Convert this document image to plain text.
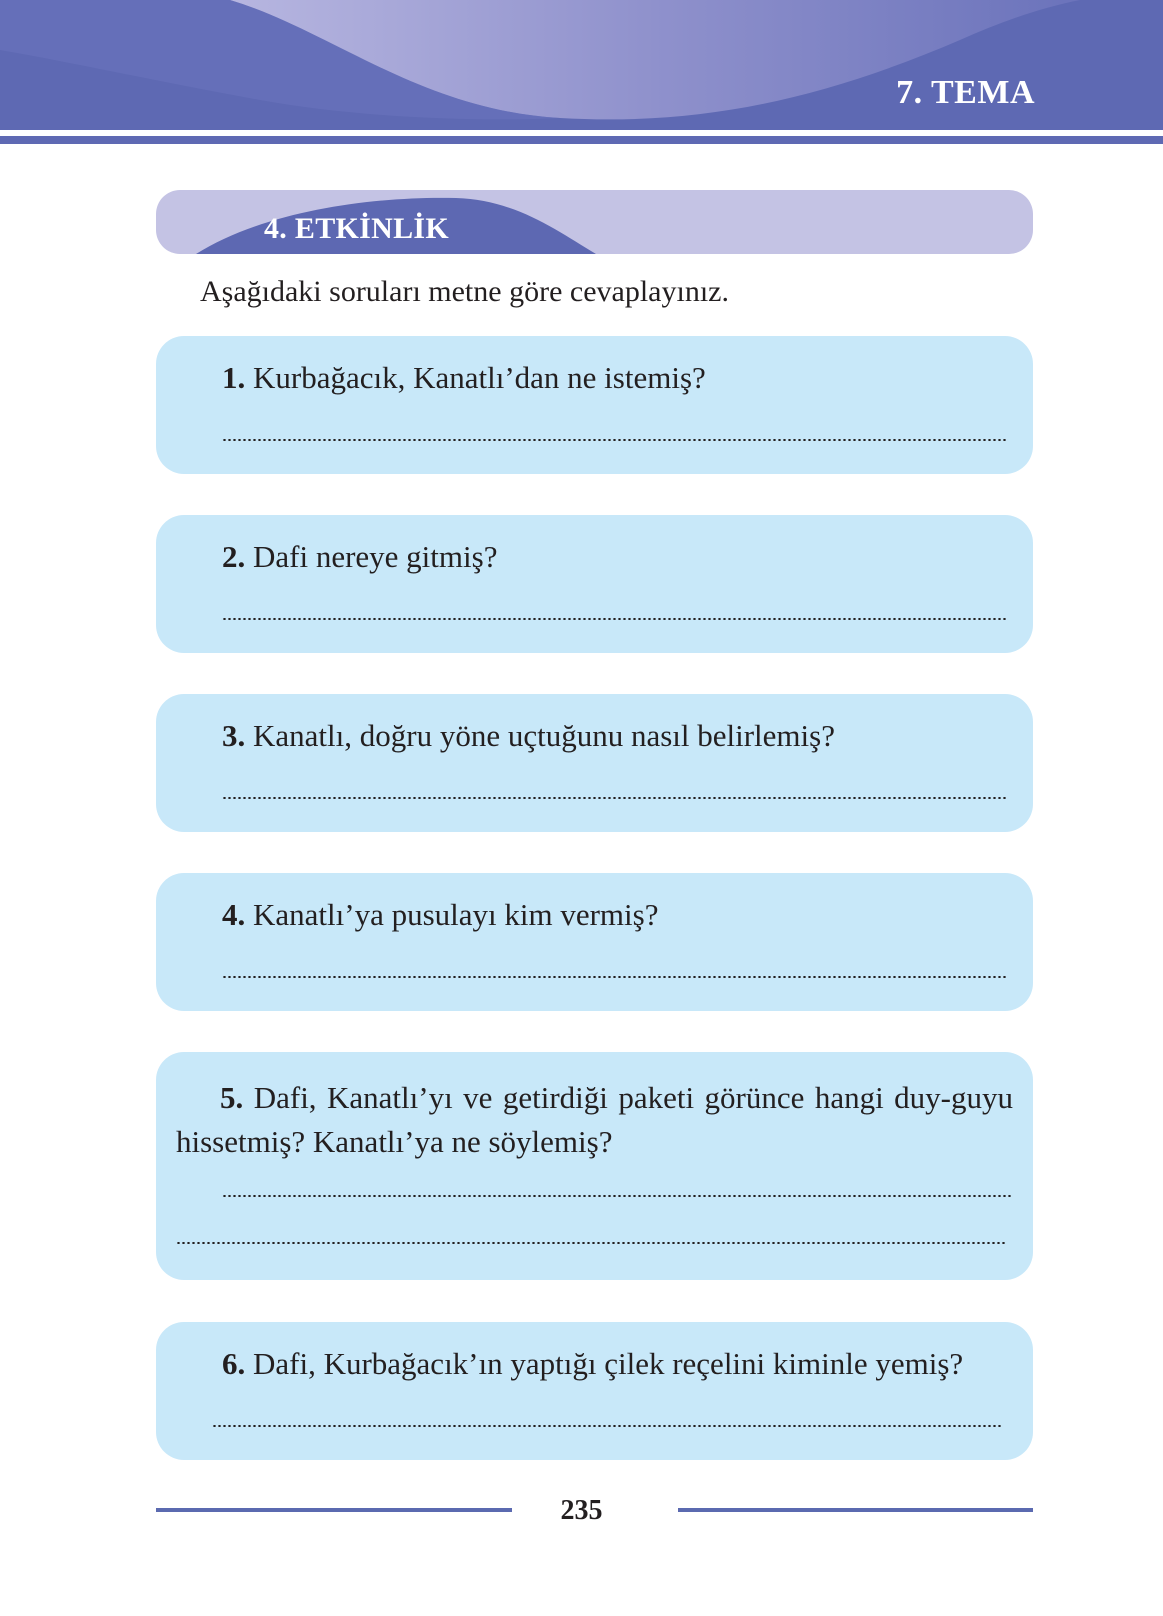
7. TEMA
4. ETKİNLİK
Aşağıdaki soruları metne göre cevaplayınız.
1. Kurbağacık, Kanatlı’dan ne istemiş?
2. Dafi nereye gitmiş?
3. Kanatlı, doğru yöne uçtuğunu nasıl belirlemiş?
4. Kanatlı’ya pusulayı kim vermiş?
5. Dafi, Kanatlı’yı ve getirdiği paketi görünce hangi duy-guyu hissetmiş? Kanatlı’ya ne söylemiş?
6. Dafi, Kurbağacık’ın yaptığı çilek reçelini kiminle yemiş?
235
